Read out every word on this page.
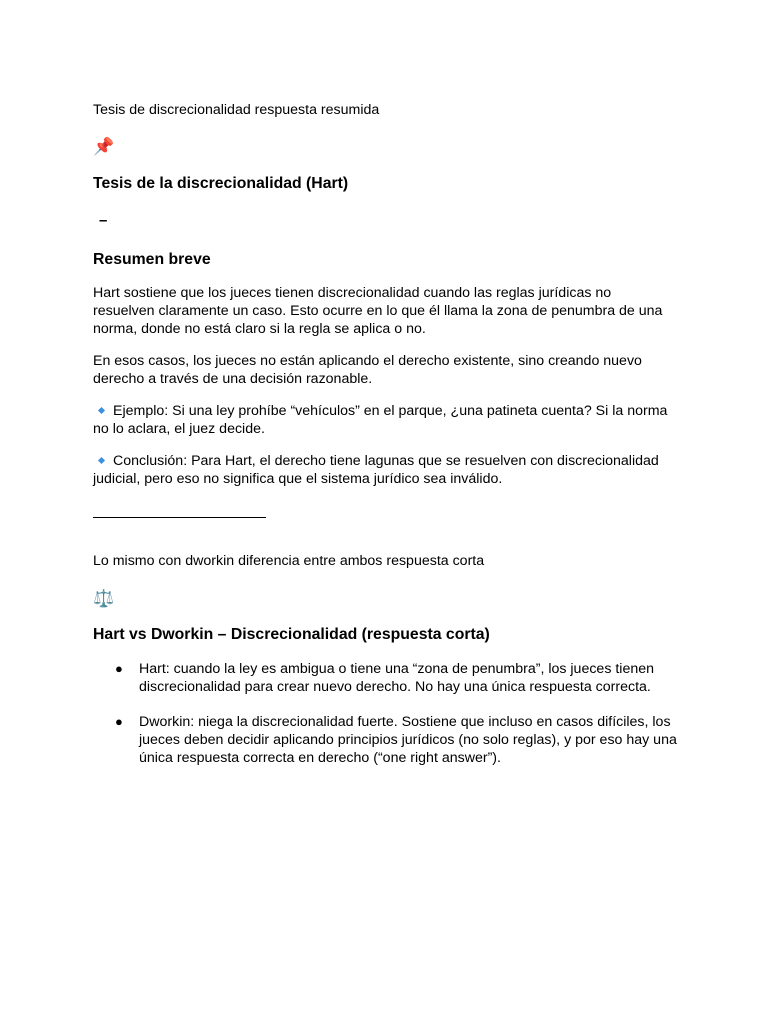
Tesis de discrecionalidad respuesta resumida

📌
Tesis de la discrecionalidad (Hart)
–
Resumen breve

Hart sostiene que los jueces tienen discrecionalidad cuando las reglas jurídicas no resuelven claramente un caso. Esto ocurre en lo que él llama la zona de penumbra de una norma, donde no está claro si la regla se aplica o no.

En esos casos, los jueces no están aplicando el derecho existente, sino creando nuevo derecho a través de una decisión razonable.

Ejemplo: Si una ley prohíbe “vehículos” en el parque, ¿una patineta cuenta? Si la norma no lo aclara, el juez decide.

Conclusión: Para Hart, el derecho tiene lagunas que se resuelven con discrecionalidad judicial, pero eso no significa que el sistema jurídico sea inválido.

Lo mismo con dworkin diferencia entre ambos respuesta corta

⚖️
Hart vs Dworkin – Discrecionalidad (respuesta corta)
● Hart: cuando la ley es ambigua o tiene una “zona de penumbra”, los jueces tienen discrecionalidad para crear nuevo derecho. No hay una única respuesta correcta.
● Dworkin: niega la discrecionalidad fuerte. Sostiene que incluso en casos difíciles, los jueces deben decidir aplicando principios jurídicos (no solo reglas), y por eso hay una única respuesta correcta en derecho (“one right answer”).
